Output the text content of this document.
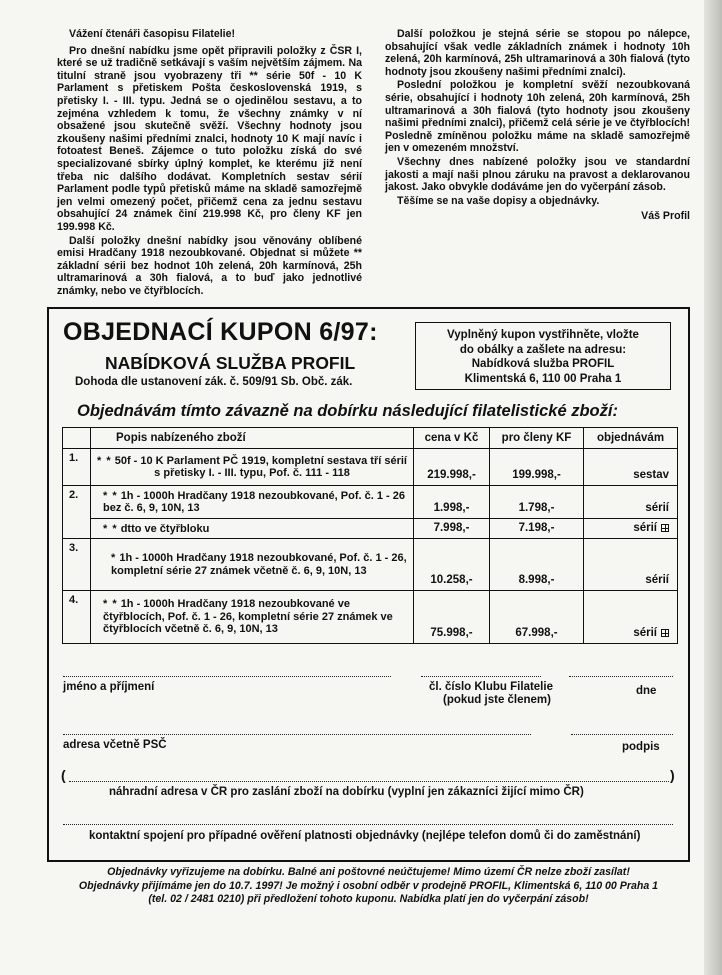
Vážení čtenáři časopisu Filatelie!

Pro dnešní nabídku jsme opět připravili položky z ČSR I, které se už tradičně setkávají s vaším největším zájmem. Na titulní straně jsou vyobrazeny tři ** série 50f - 10 K Parlament s přetiskem Pošta československá 1919, s přetisky I. - III. typu. Jedná se o ojedinělou sestavu, a to zejména vzhledem k tomu, že všechny známky v ní obsažené jsou skutečně svěží. Všechny hodnoty jsou zkoušeny našimi předními znalci, hodnoty 10 K mají navíc i fotoatest Beneš. Zájemce o tuto položku získá do své specializované sbírky úplný komplet, ke kterému již není třeba nic dalšího dodávat. Kompletních sestav sérií Parlament podle typů přetisků máme na skladě samozřejmě jen velmi omezený počet, přičemž cena za jednu sestavu obsahující 24 známek činí 219.998 Kč, pro členy KF jen 199.998 Kč.

Další položky dnešní nabídky jsou věnovány oblíbené emisi Hradčany 1918 nezoubkované. Objednat si můžete ** základní sérii bez hodnot 10h zelená, 20h karmínová, 25h ultramarinová a 30h fialová, a to buď jako jednotlivé známky, nebo ve čtyřblocích.

Další položkou je stejná série se stopou po nálepce, obsahující však vedle základních známek i hodnoty 10h zelená, 20h karmínová, 25h ultramarinová a 30h fialová (tyto hodnoty jsou zkoušeny našimi předními znalci).

Poslední položkou je kompletní svěží nezoubkovaná série, obsahující i hodnoty 10h zelená, 20h karmínová, 25h ultramarinová a 30h fialová (tyto hodnoty jsou zkoušeny našimi předními znalci), přičemž celá série je ve čtyřblocích! Posledně zmíněnou položku máme na skladě samozřejmě jen v omezeném množství.

Všechny dnes nabízené položky jsou ve standardní jakosti a mají naši plnou záruku na pravost a deklarovanou jakost. Jako obvykle dodáváme jen do vyčerpání zásob.

Těšíme se na vaše dopisy a objednávky.

Váš Profil
OBJEDNACÍ KUPON 6/97:
NABÍDKOVÁ SLUŽBA PROFIL
Dohoda dle ustanovení zák. č. 509/91 Sb. Obč. zák.
Vyplněný kupon vystřihněte, vložte
do obálky a zašlete na adresu:
Nabídková služba PROFIL
Klimentská 6, 110 00 Praha 1
Objednávám tímto závazně na dobírku následující filatelistické zboží:
	Popis nabízeného zboží	cena v Kč	pro členy KF	objednávám
1.	* * 50f - 10 K Parlament PČ 1919, kompletní sestava tří sérií s přetisky I. - III. typu, Pof. č. 111 - 118	219.998,-	199.998,-	sestav
2.	* * 1h - 1000h Hradčany 1918 nezoubkované, Pof. č. 1 - 26 bez č. 6, 9, 10N, 13	1.998,-	1.798,-	sérií
	* * dtto ve čtyřbloku	7.998,-	7.198,-	sérií
3.	* 1h - 1000h Hradčany 1918 nezoubkované, Pof. č. 1 - 26, kompletní série 27 známek včetně č. 6, 9, 10N, 13	10.258,-	8.998,-	sérií
4.	* * 1h - 1000h Hradčany 1918 nezoubkované ve čtyřblocích, Pof. č. 1 - 26, kompletní série 27 známek ve čtyřblocích včetně č. 6, 9, 10N, 13	75.998,-	67.998,-	sérií
jméno a příjmení	čl. číslo Klubu Filatelie
(pokud jste členem)
dne
adresa včetně PSČ	podpis
(	)
náhradní adresa v ČR pro zaslání zboží na dobírku (vyplní jen zákazníci žijící mimo ČR)
kontaktní spojení pro případné ověření platnosti objednávky (nejlépe telefon domů či do zaměstnání)
Objednávky vyřizujeme na dobírku. Balné ani poštovné neúčtujeme! Mimo území ČR nelze zboží zasílat!
Objednávky přijímáme jen do 10.7. 1997! Je možný i osobní odběr v prodejně PROFIL, Klimentská 6, 110 00 Praha 1
(tel. 02 / 2481 0210) při předložení tohoto kuponu. Nabídka platí jen do vyčerpání zásob!
